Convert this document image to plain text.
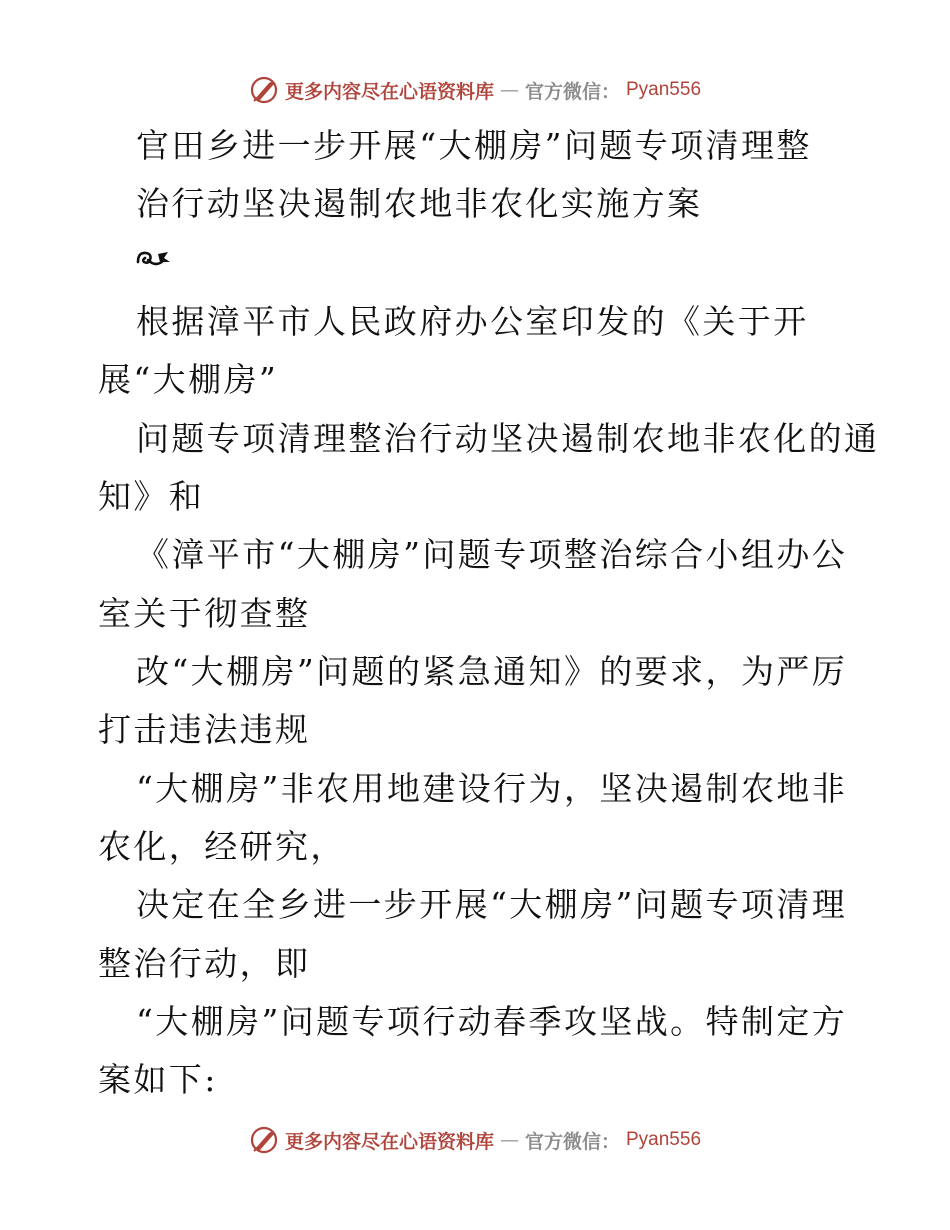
更多内容尽在心语资料库 — 官方微信： Pyan556
官田乡进一步开展“大棚房”问题专项清理整
治行动坚决遏制农地非农化实施方案
根据漳平市人民政府办公室印发的《关于开
展“大棚房”
问题专项清理整治行动坚决遏制农地非农化的通
知》和
《漳平市“大棚房”问题专项整治综合小组办公
室关于彻查整
改“大棚房”问题的紧急通知》的要求，为严厉
打击违法违规
“大棚房”非农用地建设行为，坚决遏制农地非
农化，经研究，
决定在全乡进一步开展“大棚房”问题专项清理
整治行动，即
“大棚房”问题专项行动春季攻坚战。特制定方
案如下:
更多内容尽在心语资料库 — 官方微信： Pyan556
